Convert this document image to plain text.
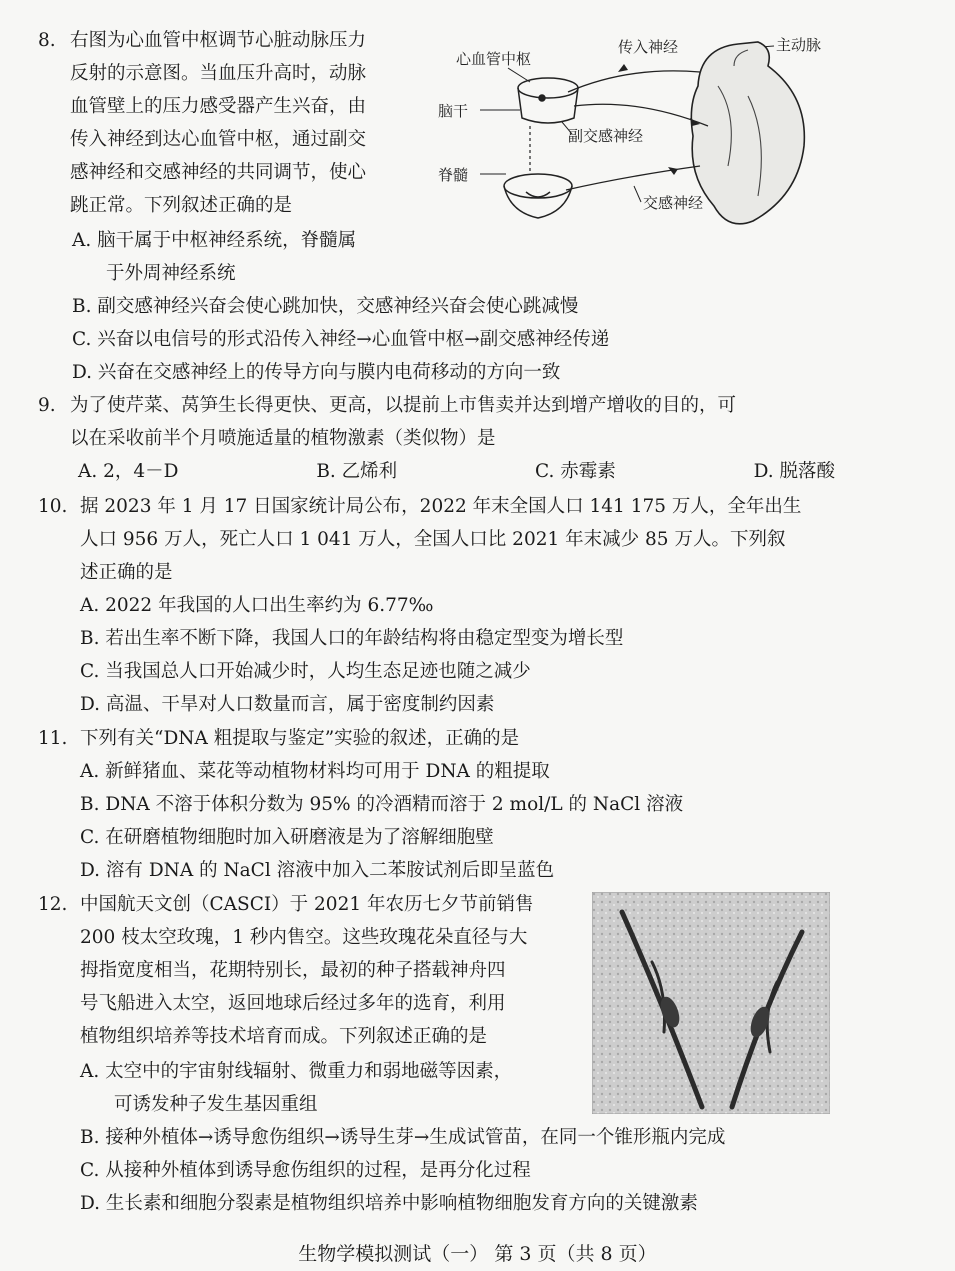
8. 右图为心血管中枢调节心脏动脉压力
反射的示意图。当血压升高时，动脉
血管壁上的压力感受器产生兴奋，由
传入神经到达心血管中枢，通过副交
感神经和交感神经的共同调节，使心
跳正常。下列叙述正确的是
A. 脑干属于中枢神经系统，脊髓属
于外周神经系统
B. 副交感神经兴奋会使心跳加快，交感神经兴奋会使心跳减慢
C. 兴奋以电信号的形式沿传入神经→心血管中枢→副交感神经传递
D. 兴奋在交感神经上的传导方向与膜内电荷移动的方向一致
心血管中枢
传入神经	主动脉
脑干
脊髓
副交感神经
交感神经
9. 为了使芹菜、莴笋生长得更快、更高，以提前上市售卖并达到增产增收的目的，可
以在采收前半个月喷施适量的植物激素（类似物）是
A. 2，4－D	B. 乙烯利	C. 赤霉素	D. 脱落酸
10. 据 2023 年 1 月 17 日国家统计局公布，2022 年末全国人口 141 175 万人，全年出生
人口 956 万人，死亡人口 1 041 万人，全国人口比 2021 年末减少 85 万人。下列叙
述正确的是
A. 2022 年我国的人口出生率约为 6.77‰
B. 若出生率不断下降，我国人口的年龄结构将由稳定型变为增长型
C. 当我国总人口开始减少时，人均生态足迹也随之减少
D. 高温、干旱对人口数量而言，属于密度制约因素
11. 下列有关“DNA 粗提取与鉴定”实验的叙述，正确的是
A. 新鲜猪血、菜花等动植物材料均可用于 DNA 的粗提取
B. DNA 不溶于体积分数为 95% 的冷酒精而溶于 2 mol/L 的 NaCl 溶液
C. 在研磨植物细胞时加入研磨液是为了溶解细胞壁
D. 溶有 DNA 的 NaCl 溶液中加入二苯胺试剂后即呈蓝色
12. 中国航天文创（CASCI）于 2021 年农历七夕节前销售
200 枝太空玫瑰，1 秒内售空。这些玫瑰花朵直径与大
拇指宽度相当，花期特别长，最初的种子搭载神舟四
号飞船进入太空，返回地球后经过多年的选育，利用
植物组织培养等技术培育而成。下列叙述正确的是
A. 太空中的宇宙射线辐射、微重力和弱地磁等因素，
可诱发种子发生基因重组
B. 接种外植体→诱导愈伤组织→诱导生芽→生成试管苗，在同一个锥形瓶内完成
C. 从接种外植体到诱导愈伤组织的过程，是再分化过程
D. 生长素和细胞分裂素是植物组织培养中影响植物细胞发育方向的关键激素
生物学模拟测试（一） 第 3 页（共 8 页）
